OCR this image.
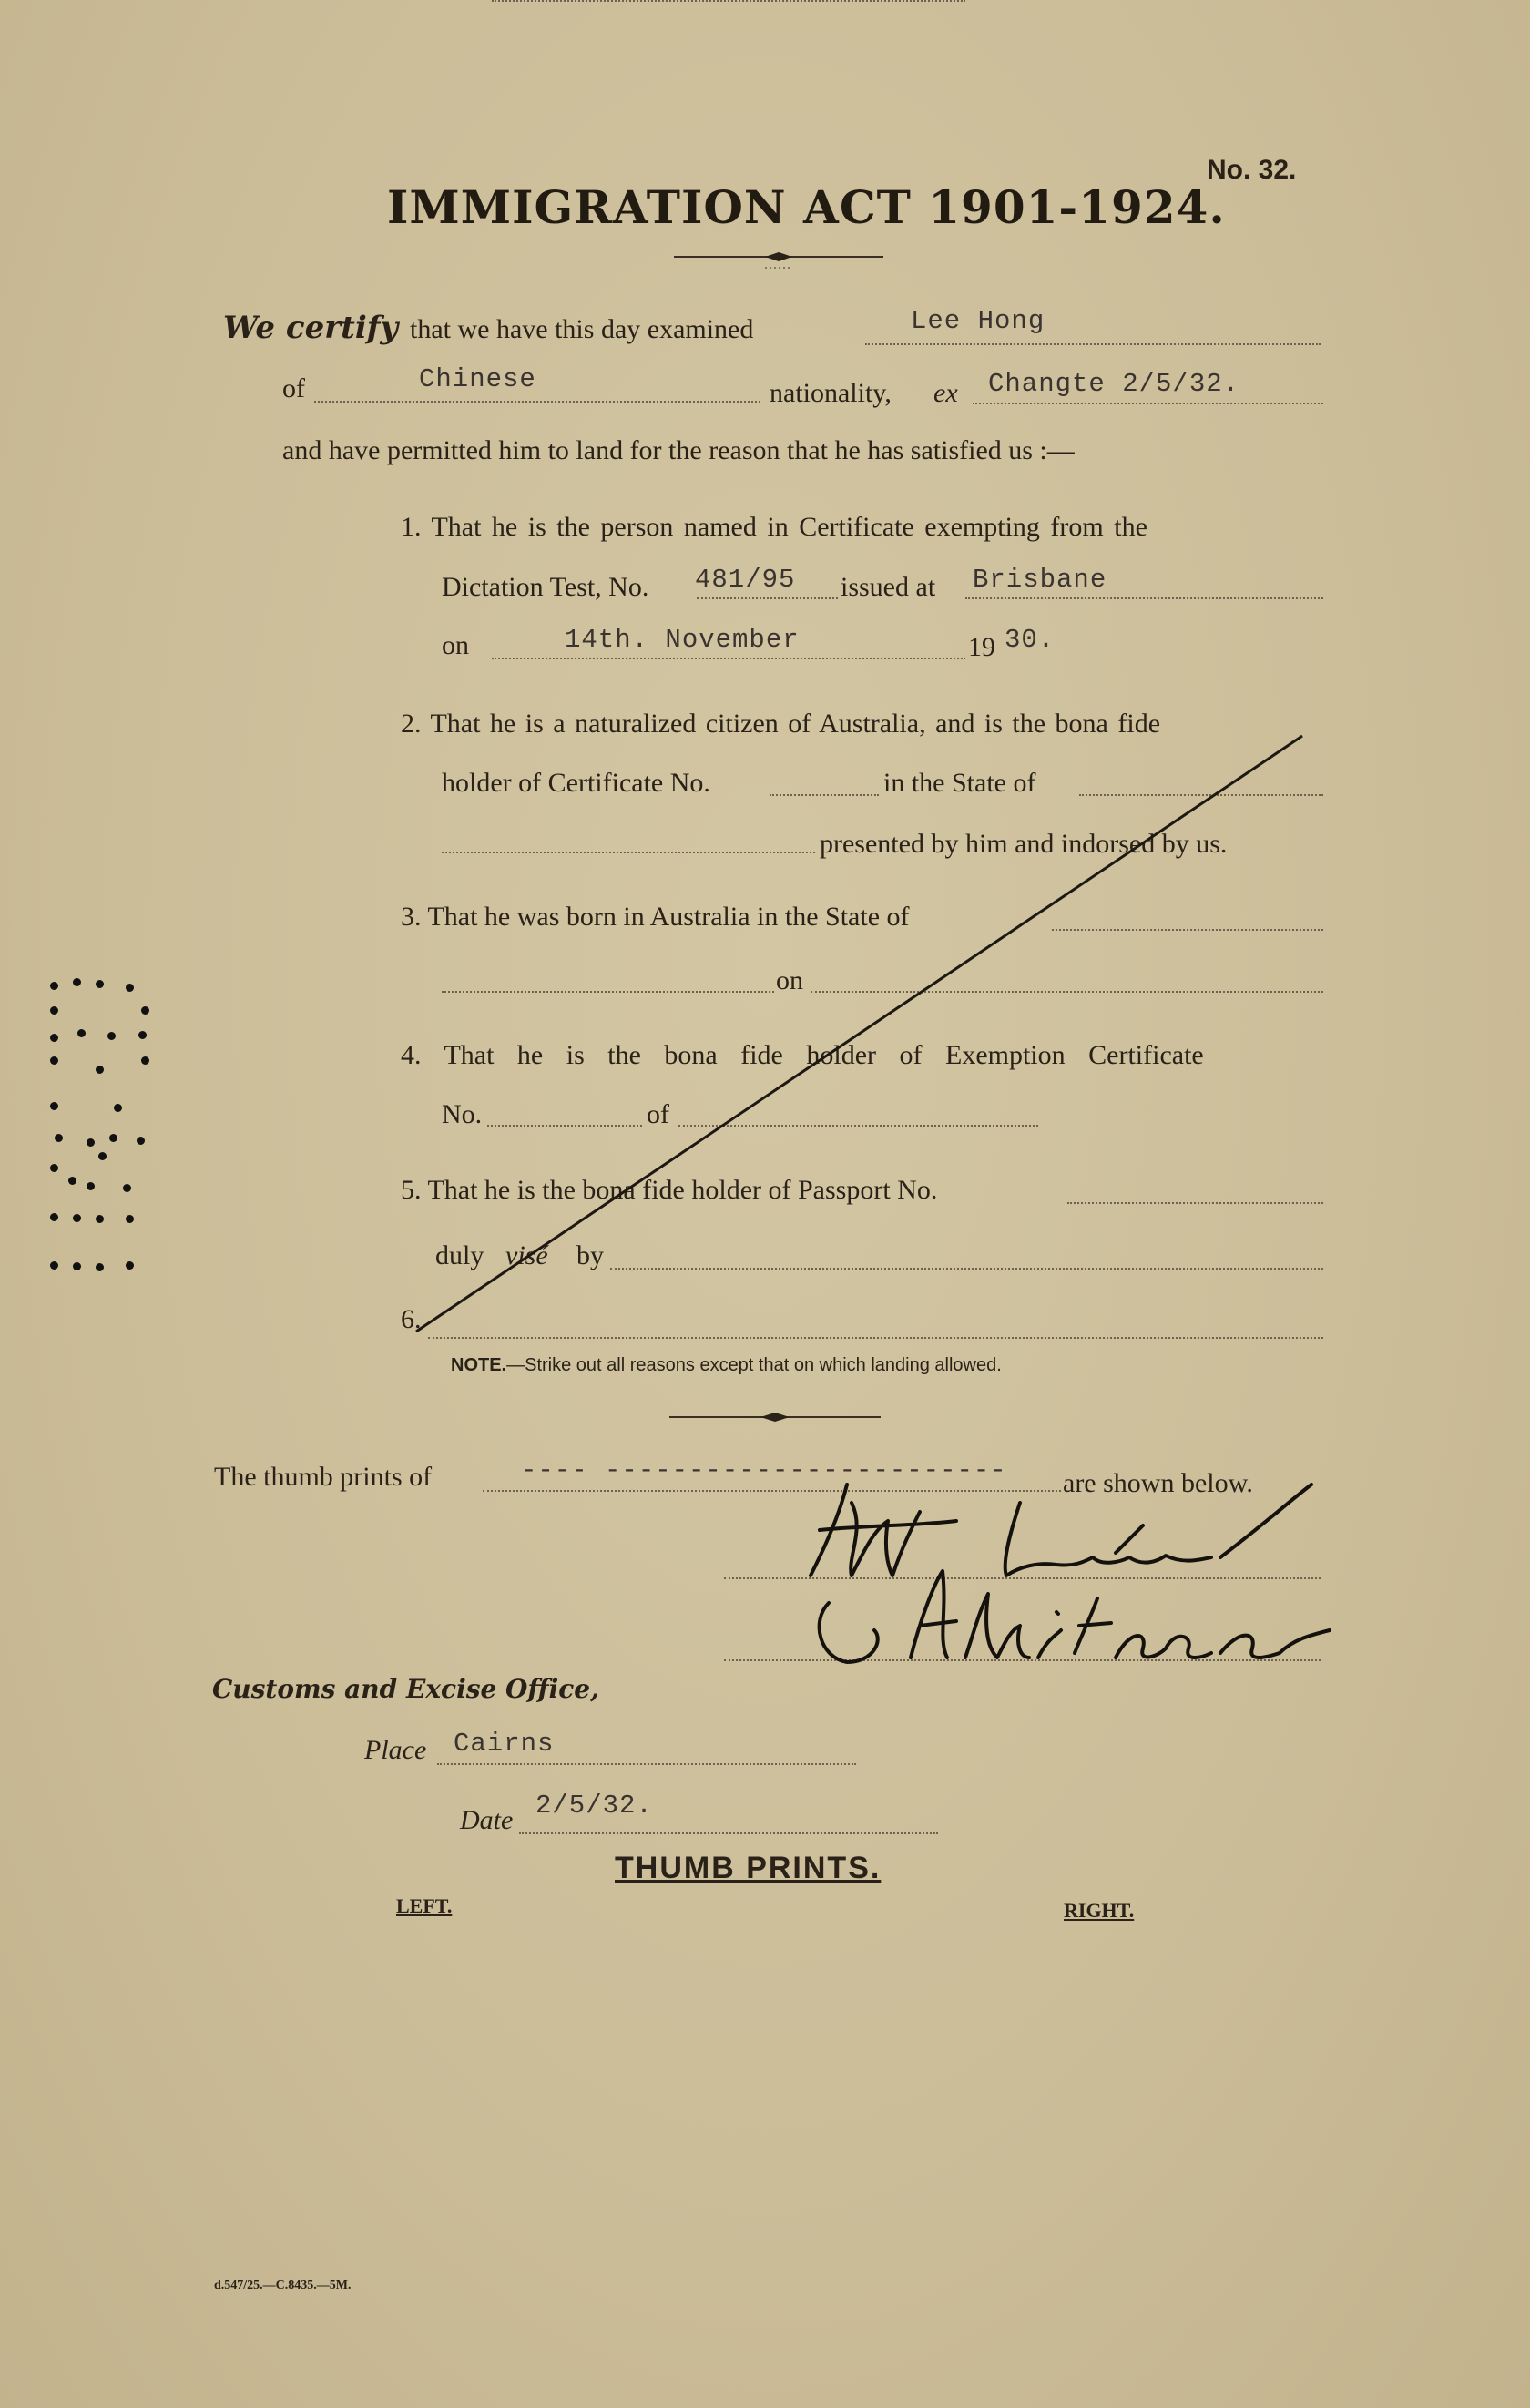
No. 32.
IMMIGRATION ACT 1901-1924.
We certify that we have this day examined	Lee Hong
of	Chinese	nationality, ex Changte 2/5/32.
and have permitted him to land for the reason that he has satisfied us :—
1. That he is the person named in Certificate exempting from the
Dictation Test, No. 481/95 issued at Brisbane
on	14th. November	19 30.
2. That he is a naturalized citizen of Australia, and is the bona fide
holder of Certificate No.	in the State of
presented by him and indorsed by us.
3. That he was born in Australia in the State of
on
4. That he is the bona fide holder of Exemption Certificate
No.	of
5. That he is the bona fide holder of Passport No.
duly visé by
6.
NOTE.—Strike out all reasons except that on which landing allowed.
The thumb prints of	---- ------------------------ are shown below.
Customs and Excise Office,
Place Cairns
Date 2/5/32.
THUMB PRINTS.
LEFT.	RIGHT.
d.547/25.—C.8435.—5M.
